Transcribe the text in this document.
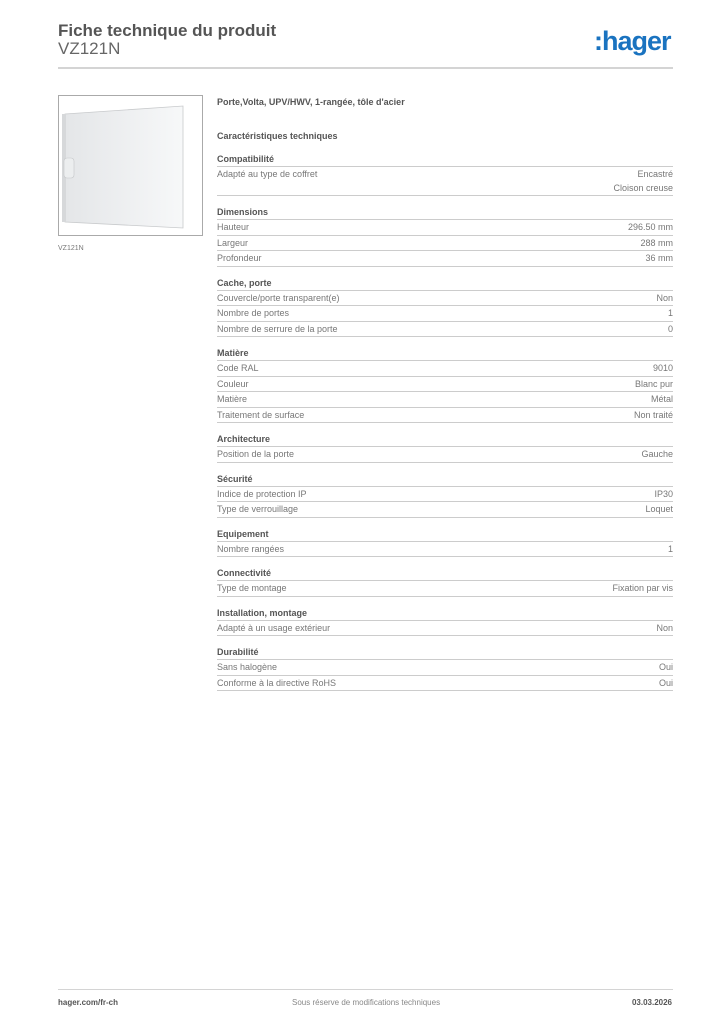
Fiche technique du produit
VZ121N	:hager
VZ121N
Porte,Volta, UPV/HWV, 1-rangée, tôle d'acier
Caractéristiques techniques
Compatibilité
Adapté au type de coffret	Encastré
Cloison creuse
Dimensions
Hauteur	296.50 mm
Largeur	288 mm
Profondeur	36 mm
Cache, porte
Couvercle/porte transparent(e)	Non
Nombre de portes	1
Nombre de serrure de la porte	0
Matière
Code RAL	9010
Couleur	Blanc pur
Matière	Métal
Traitement de surface	Non traité
Architecture
Position de la porte	Gauche
Sécurité
Indice de protection IP	IP30
Type de verrouillage	Loquet
Equipement
Nombre rangées	1
Connectivité
Type de montage	Fixation par vis
Installation, montage
Adapté à un usage extérieur	Non
Durabilité
Sans halogène	Oui
Conforme à la directive RoHS	Oui
hager.com/fr-ch	Sous réserve de modifications techniques	03.03.2026
